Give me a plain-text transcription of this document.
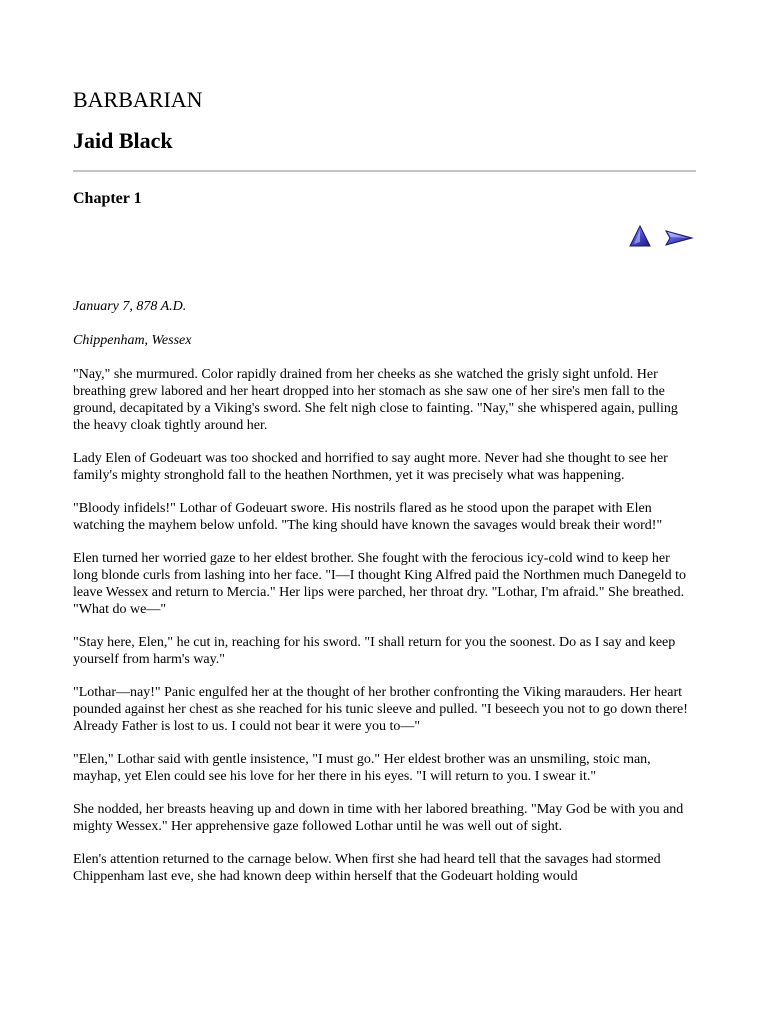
BARBARIAN
Jaid Black
Chapter 1

January 7, 878 A.D.

Chippenham, Wessex

"Nay," she murmured. Color rapidly drained from her cheeks as she watched the grisly sight unfold. Her breathing grew labored and her heart dropped into her stomach as she saw one of her sire's men fall to the ground, decapitated by a Viking's sword. She felt nigh close to fainting. "Nay," she whispered again, pulling the heavy cloak tightly around her.

Lady Elen of Godeuart was too shocked and horrified to say aught more. Never had she thought to see her family's mighty stronghold fall to the heathen Northmen, yet it was precisely what was happening.

"Bloody infidels!" Lothar of Godeuart swore. His nostrils flared as he stood upon the parapet with Elen watching the mayhem below unfold. "The king should have known the savages would break their word!"

Elen turned her worried gaze to her eldest brother. She fought with the ferocious icy-cold wind to keep her long blonde curls from lashing into her face. "I—I thought King Alfred paid the Northmen much Danegeld to leave Wessex and return to Mercia." Her lips were parched, her throat dry. "Lothar, I'm afraid." She breathed. "What do we—"

"Stay here, Elen," he cut in, reaching for his sword. "I shall return for you the soonest. Do as I say and keep yourself from harm's way."

"Lothar—nay!" Panic engulfed her at the thought of her brother confronting the Viking marauders. Her heart pounded against her chest as she reached for his tunic sleeve and pulled. "I beseech you not to go down there! Already Father is lost to us. I could not bear it were you to—"

"Elen," Lothar said with gentle insistence, "I must go." Her eldest brother was an unsmiling, stoic man, mayhap, yet Elen could see his love for her there in his eyes. "I will return to you. I swear it."

She nodded, her breasts heaving up and down in time with her labored breathing. "May God be with you and mighty Wessex." Her apprehensive gaze followed Lothar until he was well out of sight.

Elen's attention returned to the carnage below. When first she had heard tell that the savages had stormed Chippenham last eve, she had known deep within herself that the Godeuart holding would
